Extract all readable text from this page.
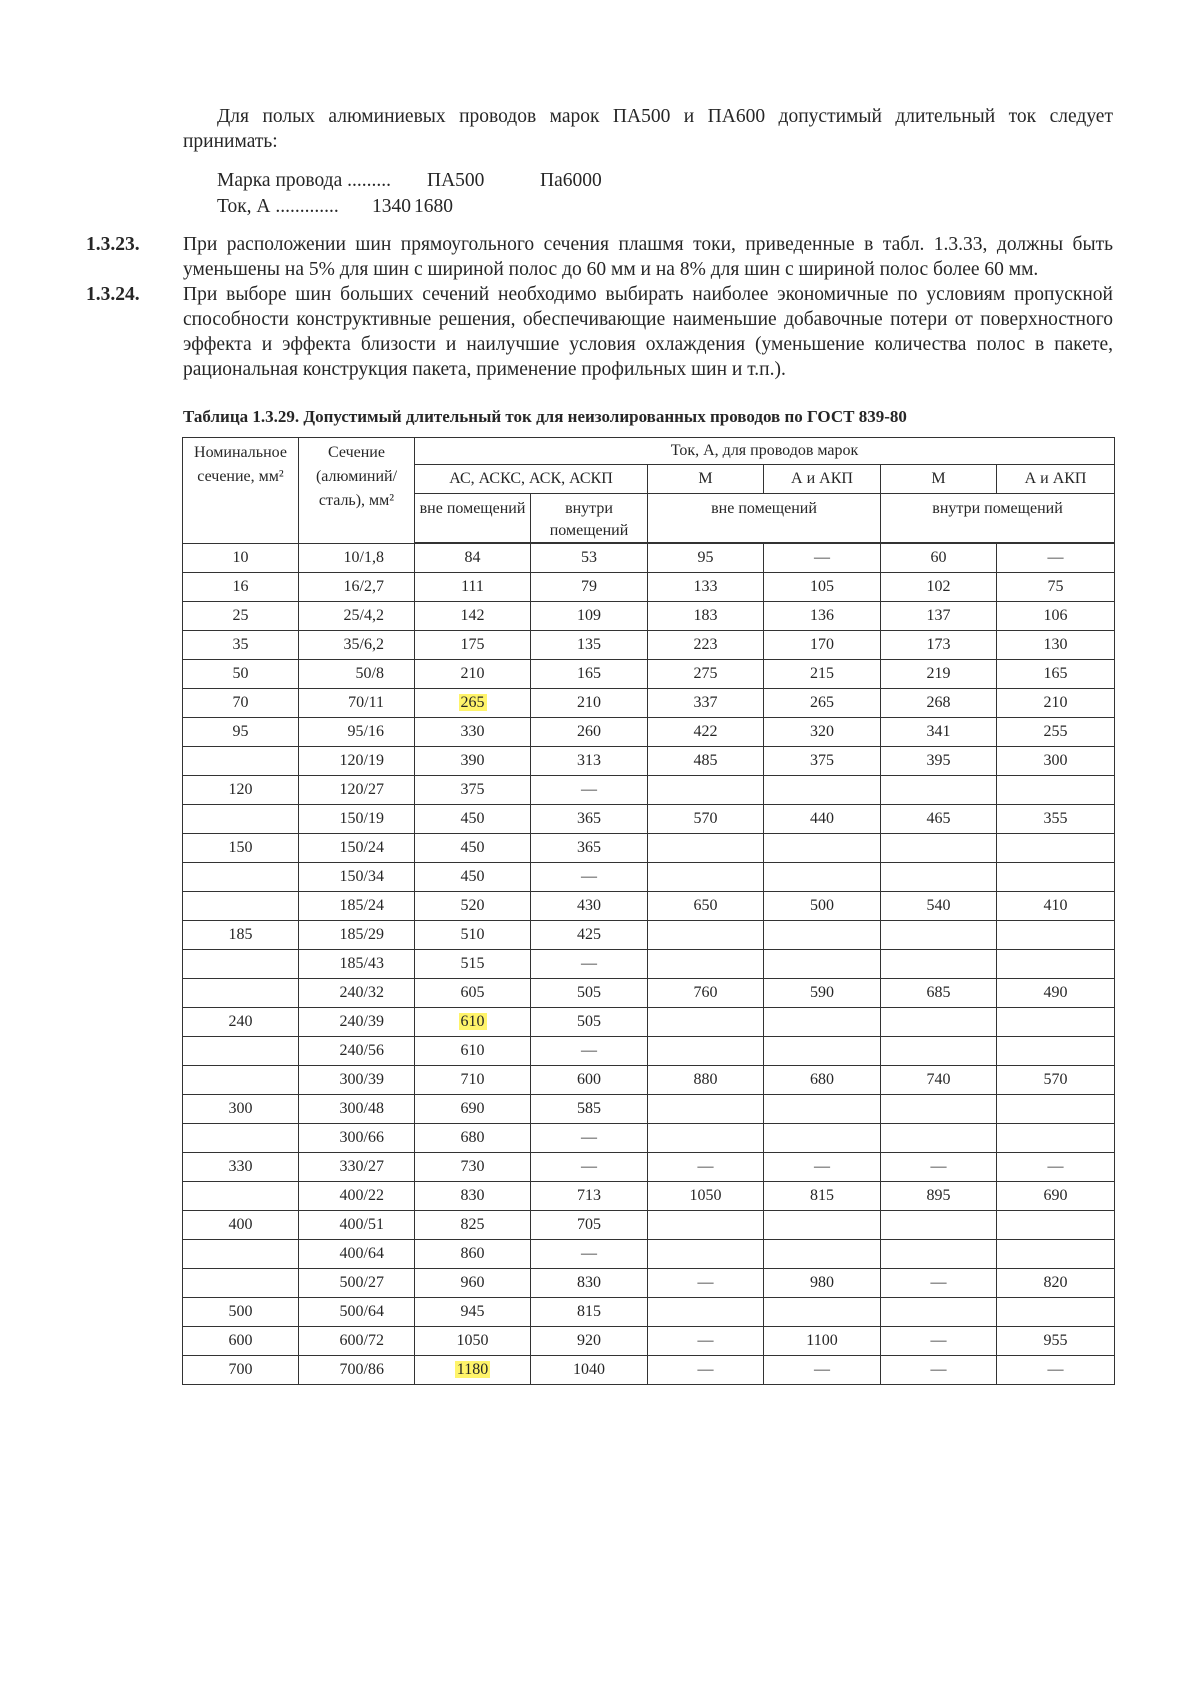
Для полых алюминиевых проводов марок ПА500 и ПА600 допустимый длительный ток следует принимать:
Марка провода ......... ПА500	Па6000
Ток, А ............. 1340 1680
1.3.23. При расположении шин прямоугольного сечения плашмя токи, приведенные в табл. 1.3.33, должны быть уменьшены на 5% для шин с шириной полос до 60 мм и на 8% для шин с шириной полос более 60 мм.
1.3.24. При выборе шин больших сечений необходимо выбирать наиболее экономичные по условиям пропускной способности конструктивные решения, обеспечивающие наименьшие добавочные потери от поверхностного эффекта и эффекта близости и наилучшие условия охлаждения (уменьшение количества полос в пакете, рациональная конструкция пакета, применение профильных шин и т.п.).
Таблица 1.3.29. Допустимый длительный ток для неизолированных проводов по ГОСТ 839-80
Номинальное сечение, мм²	Сечение (алюминий/ сталь), мм²	Ток, А, для проводов марок					
		АС, АСКС, АСК, АСКП		М	А и АКП	М	А и АКП
		вне помещений	внутри помещений	вне помещений		внутри помещений	
10	10/1,8	84	53	95	—	60	—
16	16/2,7	111	79	133	105	102	75
25	25/4,2	142	109	183	136	137	106
35	35/6,2	175	135	223	170	173	130
50	50/8	210	165	275	215	219	165
70	70/11	265	210	337	265	268	210
95	95/16	330	260	422	320	341	255
	120/19	390	313	485	375	395	300
120	120/27	375	—				
	150/19	450	365	570	440	465	355
150	150/24	450	365				
	150/34	450	—				
	185/24	520	430	650	500	540	410
185	185/29	510	425				
	185/43	515	—				
	240/32	605	505	760	590	685	490
240	240/39	610	505				
	240/56	610	—				
	300/39	710	600	880	680	740	570
300	300/48	690	585				
	300/66	680	—				
330	330/27	730	—	—	—	—	—
	400/22	830	713	1050	815	895	690
400	400/51	825	705				
	400/64	860	—				
	500/27	960	830	—	980	—	820
500	500/64	945	815				
600	600/72	1050	920	—	1100	—	955
700	700/86	1180	1040	—	—	—	—
